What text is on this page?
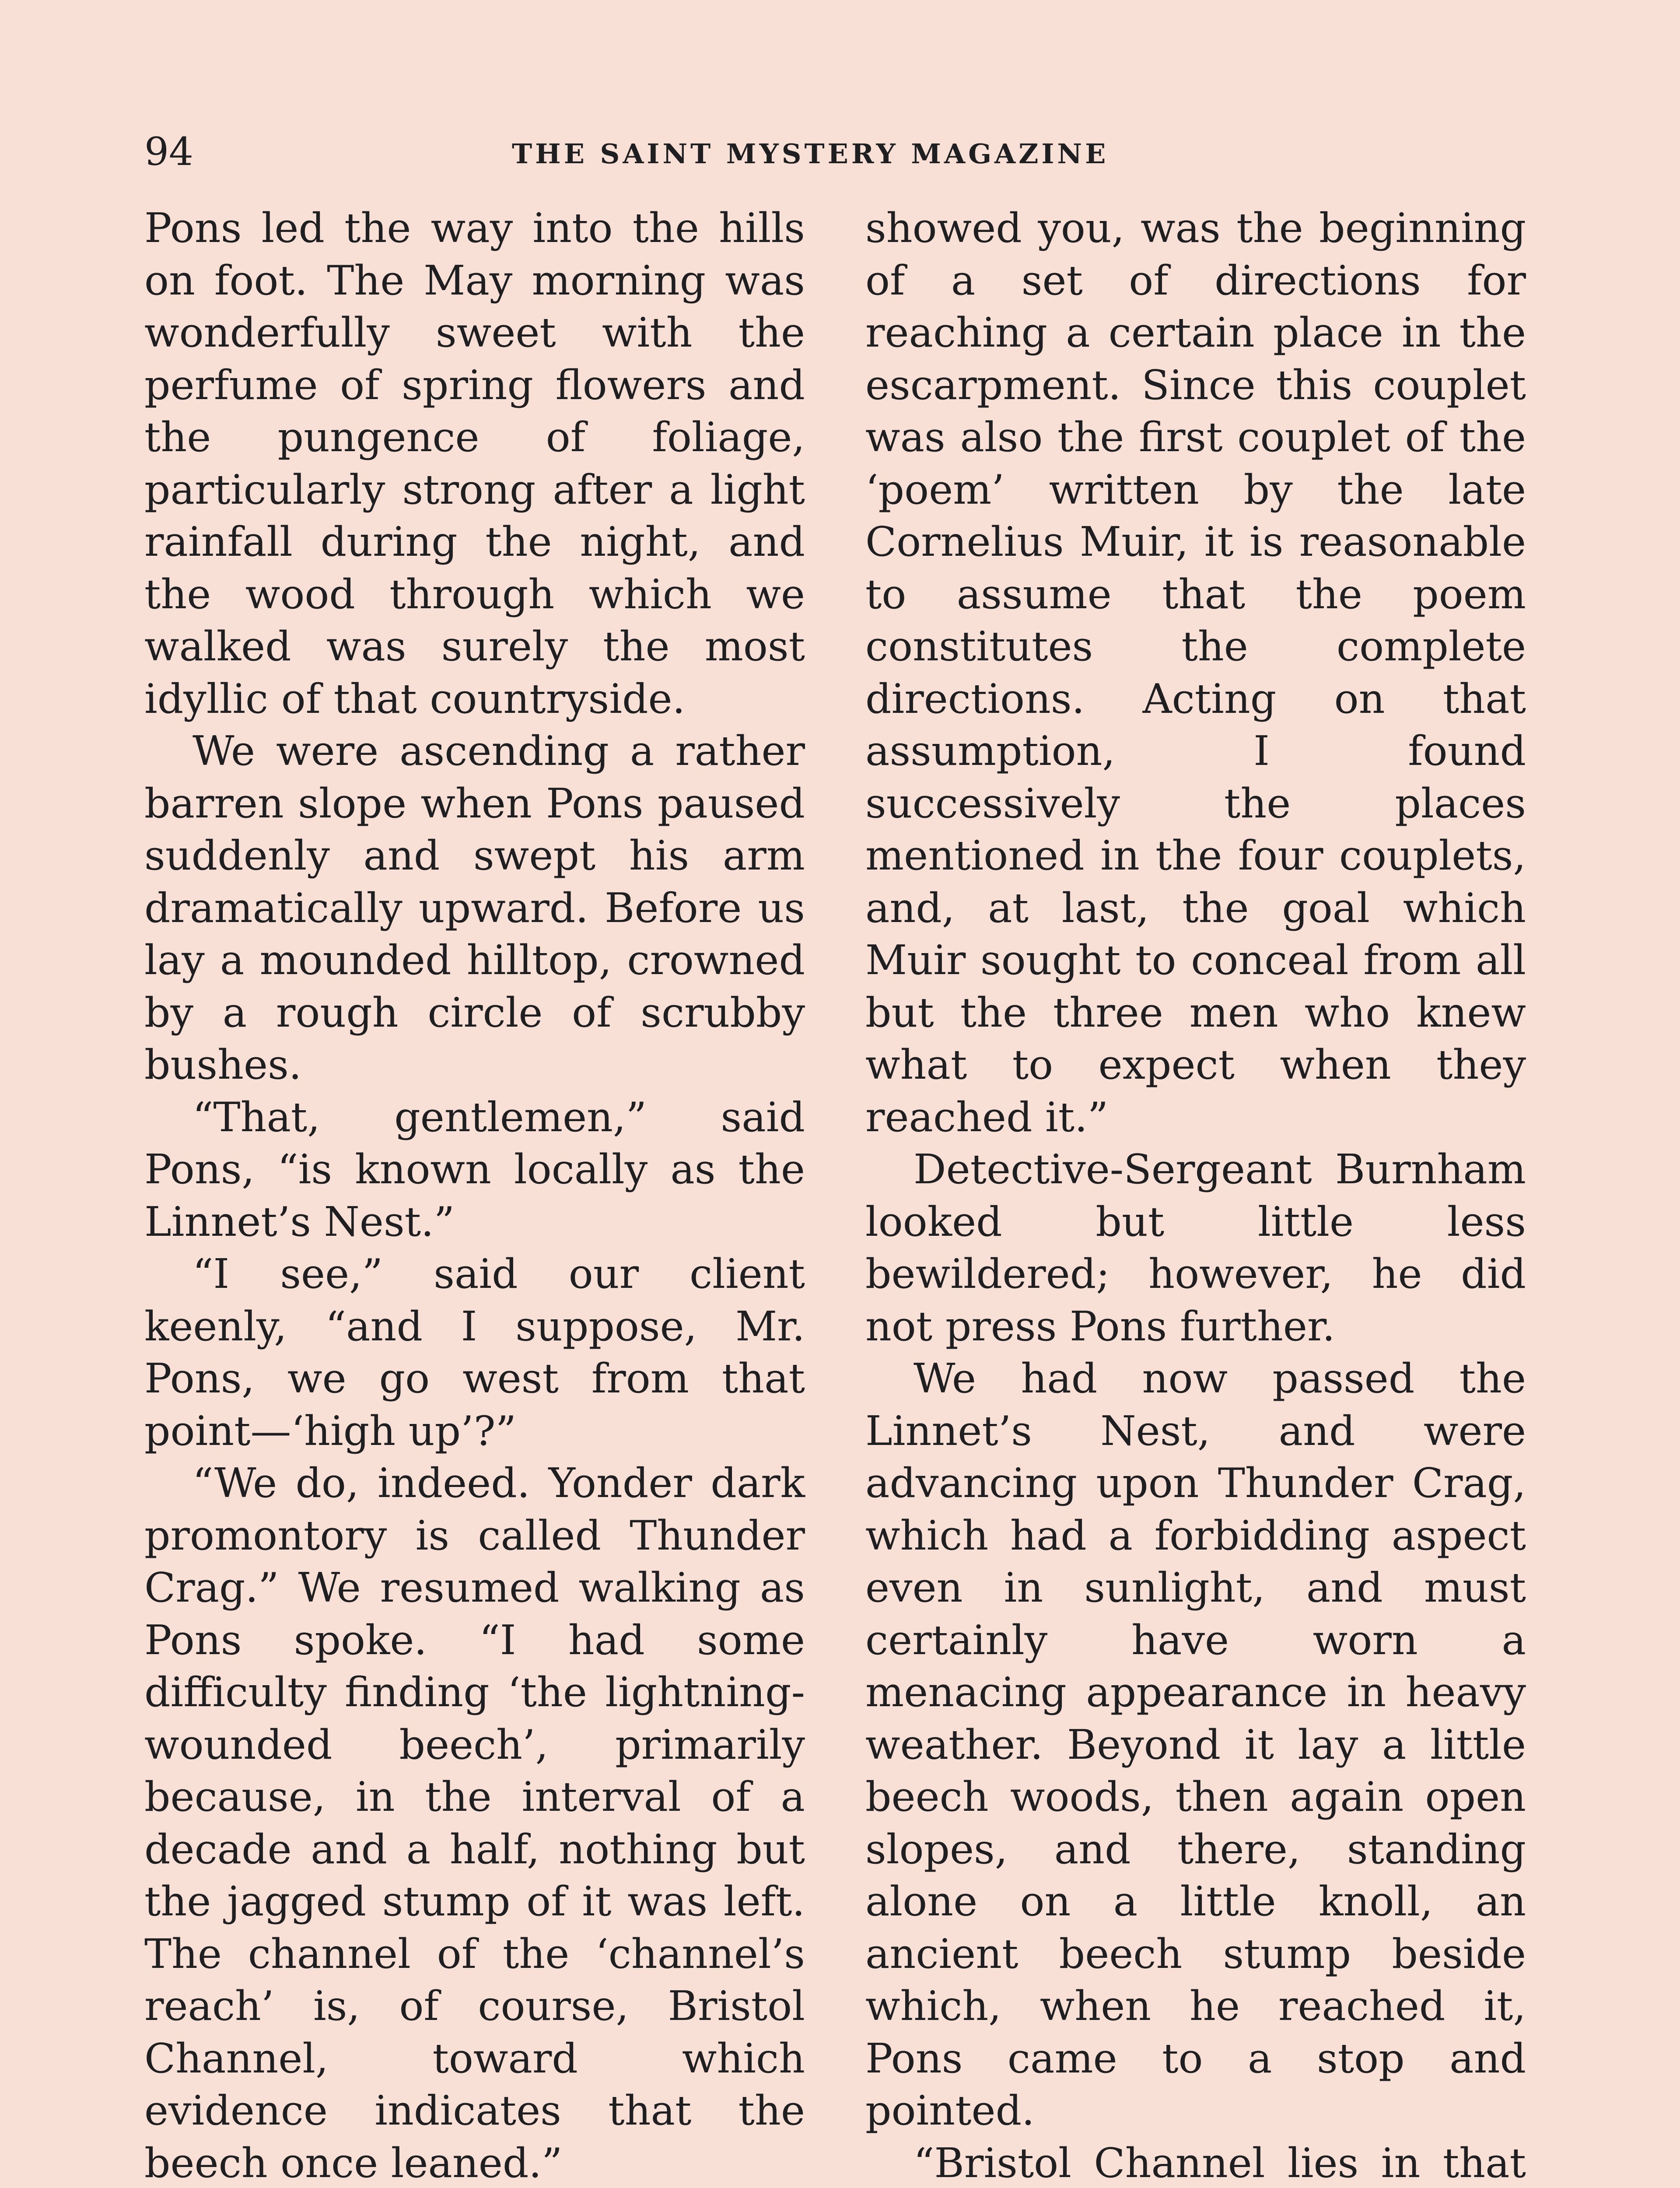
94	THE SAINT MYSTERY MAGAZINE

Pons led the way into the hills on foot. The May morning was wonderfully sweet with the perfume of spring flowers and the pungence of foliage, particularly strong after a light rainfall during the night, and the wood through which we walked was surely the most idyllic of that countryside.

We were ascending a rather barren slope when Pons paused suddenly and swept his arm dramatically upward. Before us lay a mounded hilltop, crowned by a rough circle of scrubby bushes.

“That, gentlemen,” said Pons, “is known locally as the Linnet’s Nest.”

“I see,” said our client keenly, “and I suppose, Mr. Pons, we go west from that point—‘high up’?”

“We do, indeed. Yonder dark promontory is called Thunder Crag.” We resumed walking as Pons spoke. “I had some difficulty finding ‘the lightning-wounded beech’, primarily because, in the interval of a decade and a half, nothing but the jagged stump of it was left. The channel of the ‘channel’s reach’ is, of course, Bristol Channel, toward which evidence indicates that the beech once leaned.”

showed you, was the beginning of a set of directions for reaching a certain place in the escarpment. Since this couplet was also the first couplet of the ‘poem’ written by the late Cornelius Muir, it is reasonable to assume that the poem constitutes the complete directions. Acting on that assumption, I found successively the places mentioned in the four couplets, and, at last, the goal which Muir sought to conceal from all but the three men who knew what to expect when they reached it.”

Detective-Sergeant Burnham looked but little less bewildered; however, he did not press Pons further.

We had now passed the Linnet’s Nest, and were advancing upon Thunder Crag, which had a forbidding aspect even in sunlight, and must certainly have worn a menacing appearance in heavy weather. Beyond it lay a little beech woods, then again open slopes, and there, standing alone on a little knoll, an ancient beech stump beside which, when he reached it, Pons came to a stop and pointed.

“Bristol Channel lies in that
